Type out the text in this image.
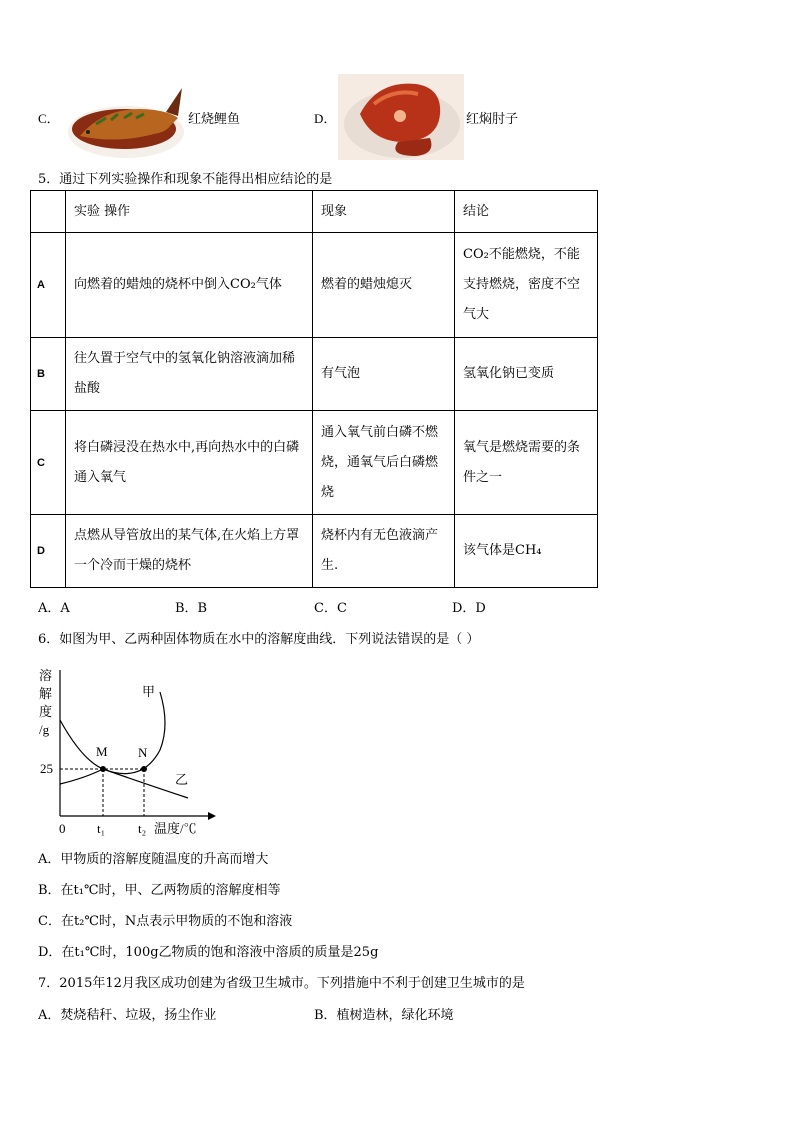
C．	红烧鲤鱼	D．	红焖肘子
5．通过下列实验操作和现象不能得出相应结论的是
	实验 操作	现象	结论
A	向燃着的蜡烛的烧杯中倒入CO₂气体	燃着的蜡烛熄灭	CO₂不能燃烧，不能支持燃烧，密度不空气大
B	往久置于空气中的氢氧化钠溶液滴加稀盐酸	有气泡	氢氧化钠已变质
C	将白磷浸没在热水中,再向热水中的白磷通入氧气	通入氧气前白磷不燃烧，通氧气后白磷燃烧	氧气是燃烧需要的条件之一
D	点燃从导管放出的某气体,在火焰上方罩一个冷而干燥的烧杯	烧杯内有无色液滴产生.	该气体是CH₄
A．A	B．B	C．C	D．D
6．如图为甲、乙两种固体物质在水中的溶解度曲线．下列说法错误的是（ ）
溶
解
度
/g
25
0 t₁	t₂ 温度/℃
甲
乙
M N
A．甲物质的溶解度随温度的升高而增大
B．在t₁℃时，甲、乙两物质的溶解度相等
C．在t₂℃时，N点表示甲物质的不饱和溶液
D．在t₁℃时，100g乙物质的饱和溶液中溶质的质量是25g
7．2015年12月我区成功创建为省级卫生城市。下列措施中不利于创建卫生城市的是
A．焚烧秸秆、垃圾，扬尘作业	B．植树造林，绿化环境
